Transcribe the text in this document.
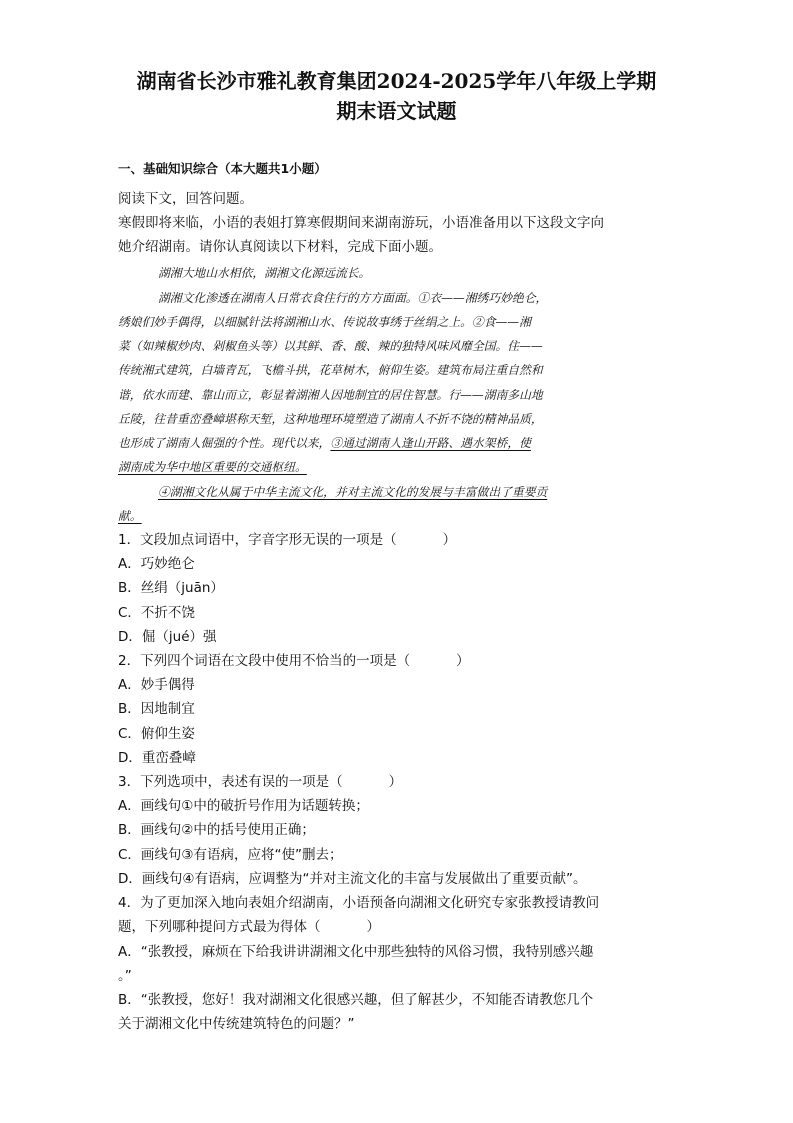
湖南省长沙市雅礼教育集团2024-2025学年八年级上学期
期末语文试题
一、基础知识综合（本大题共1小题）
阅读下文，回答问题。
寒假即将来临，小语的表姐打算寒假期间来湖南游玩，小语准备用以下这段文字向
她介绍湖南。请你认真阅读以下材料，完成下面小题。
湖湘大地山水相依，湖湘文化源远流长。
湖湘文化渗透在湖南人日常衣食住行的方方面面。①衣——湘绣巧妙绝仑，
绣娘们妙手偶得，以细腻针法将湖湘山水、传说故事绣于丝绢之上。②食——湘
菜（如辣椒炒肉、剁椒鱼头等）以其鲜、香、酸、辣的独特风味风靡全国。住——
传统湘式建筑，白墙青瓦，飞檐斗拱，花草树木，俯仰生姿。建筑布局注重自然和
谐，依水而建、靠山而立，彰显着湖湘人因地制宜的居住智慧。行——湖南多山地
丘陵，往昔重峦叠嶂堪称天堑，这种地理环境塑造了湖南人不折不饶的精神品质，
也形成了湖南人倔强的个性。现代以来，③通过湖南人逢山开路、遇水架桥，使
湖南成为华中地区重要的交通枢纽。
④湖湘文化从属于中华主流文化，并对主流文化的发展与丰富做出了重要贡
献。
1．文段加点词语中，字音字形无误的一项是（	）
A．巧妙绝仑
B．丝绢（juān）
C．不折不饶
D．倔（jué）强
2．下列四个词语在文段中使用不恰当的一项是（	）
A．妙手偶得
B．因地制宜
C．俯仰生姿
D．重峦叠嶂
3．下列选项中，表述有误的一项是（	）
A．画线句①中的破折号作用为话题转换；
B．画线句②中的括号使用正确；
C．画线句③有语病，应将“使”删去；
D．画线句④有语病，应调整为“并对主流文化的丰富与发展做出了重要贡献”。
4．为了更加深入地向表姐介绍湖南，小语预备向湖湘文化研究专家张教授请教问
题，下列哪种提问方式最为得体（	）
A．“张教授，麻烦在下给我讲讲湖湘文化中那些独特的风俗习惯，我特别感兴趣
。”
B．“张教授，您好！我对湖湘文化很感兴趣，但了解甚少，不知能否请教您几个
关于湖湘文化中传统建筑特色的问题？”
